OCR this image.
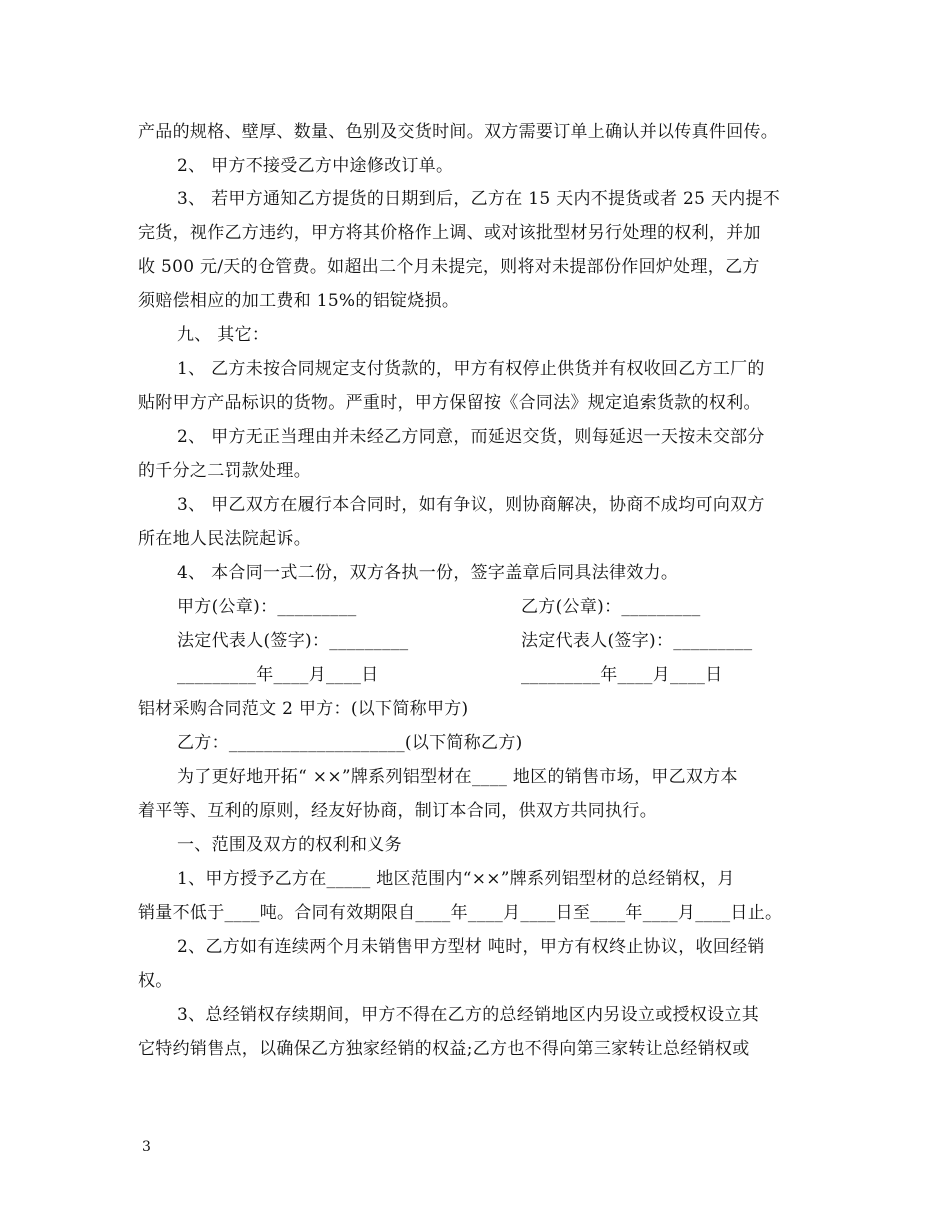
产品的规格、壁厚、数量、色别及交货时间。双方需要订单上确认并以传真件回传。
2、 甲方不接受乙方中途修改订单。
3、 若甲方通知乙方提货的日期到后，乙方在 15 天内不提货或者 25 天内提不
完货，视作乙方违约，甲方将其价格作上调、或对该批型材另行处理的权利，并加
收 500 元/天的仓管费。如超出二个月未提完，则将对未提部份作回炉处理，乙方
须赔偿相应的加工费和 15%的铝锭烧损。
九、 其它：
1、 乙方未按合同规定支付货款的，甲方有权停止供货并有权收回乙方工厂的
贴附甲方产品标识的货物。严重时，甲方保留按《合同法》规定追索货款的权利。
2、 甲方无正当理由并未经乙方同意，而延迟交货，则每延迟一天按未交部分
的千分之二罚款处理。
3、 甲乙双方在履行本合同时，如有争议，则协商解决，协商不成均可向双方
所在地人民法院起诉。
4、 本合同一式二份，双方各执一份，签字盖章后同具法律效力。
甲方(公章)：_________	乙方(公章)：_________
法定代表人(签字)：_________	法定代表人(签字)：_________
_________年____月____日	_________年____月____日
铝材采购合同范文 2 甲方：(以下简称甲方)
乙方：____________________(以下简称乙方)
为了更好地开拓“ ××”牌系列铝型材在____ 地区的销售市场，甲乙双方本
着平等、互利的原则，经友好协商，制订本合同，供双方共同执行。
一、范围及双方的权利和义务
1、甲方授予乙方在_____ 地区范围内“××”牌系列铝型材的总经销权，月
销量不低于____吨。合同有效期限自____年____月____日至____年____月____日止。
2、乙方如有连续两个月未销售甲方型材 吨时，甲方有权终止协议，收回经销
权。
3、总经销权存续期间，甲方不得在乙方的总经销地区内另设立或授权设立其
它特约销售点，以确保乙方独家经销的权益;乙方也不得向第三家转让总经销权或
3
